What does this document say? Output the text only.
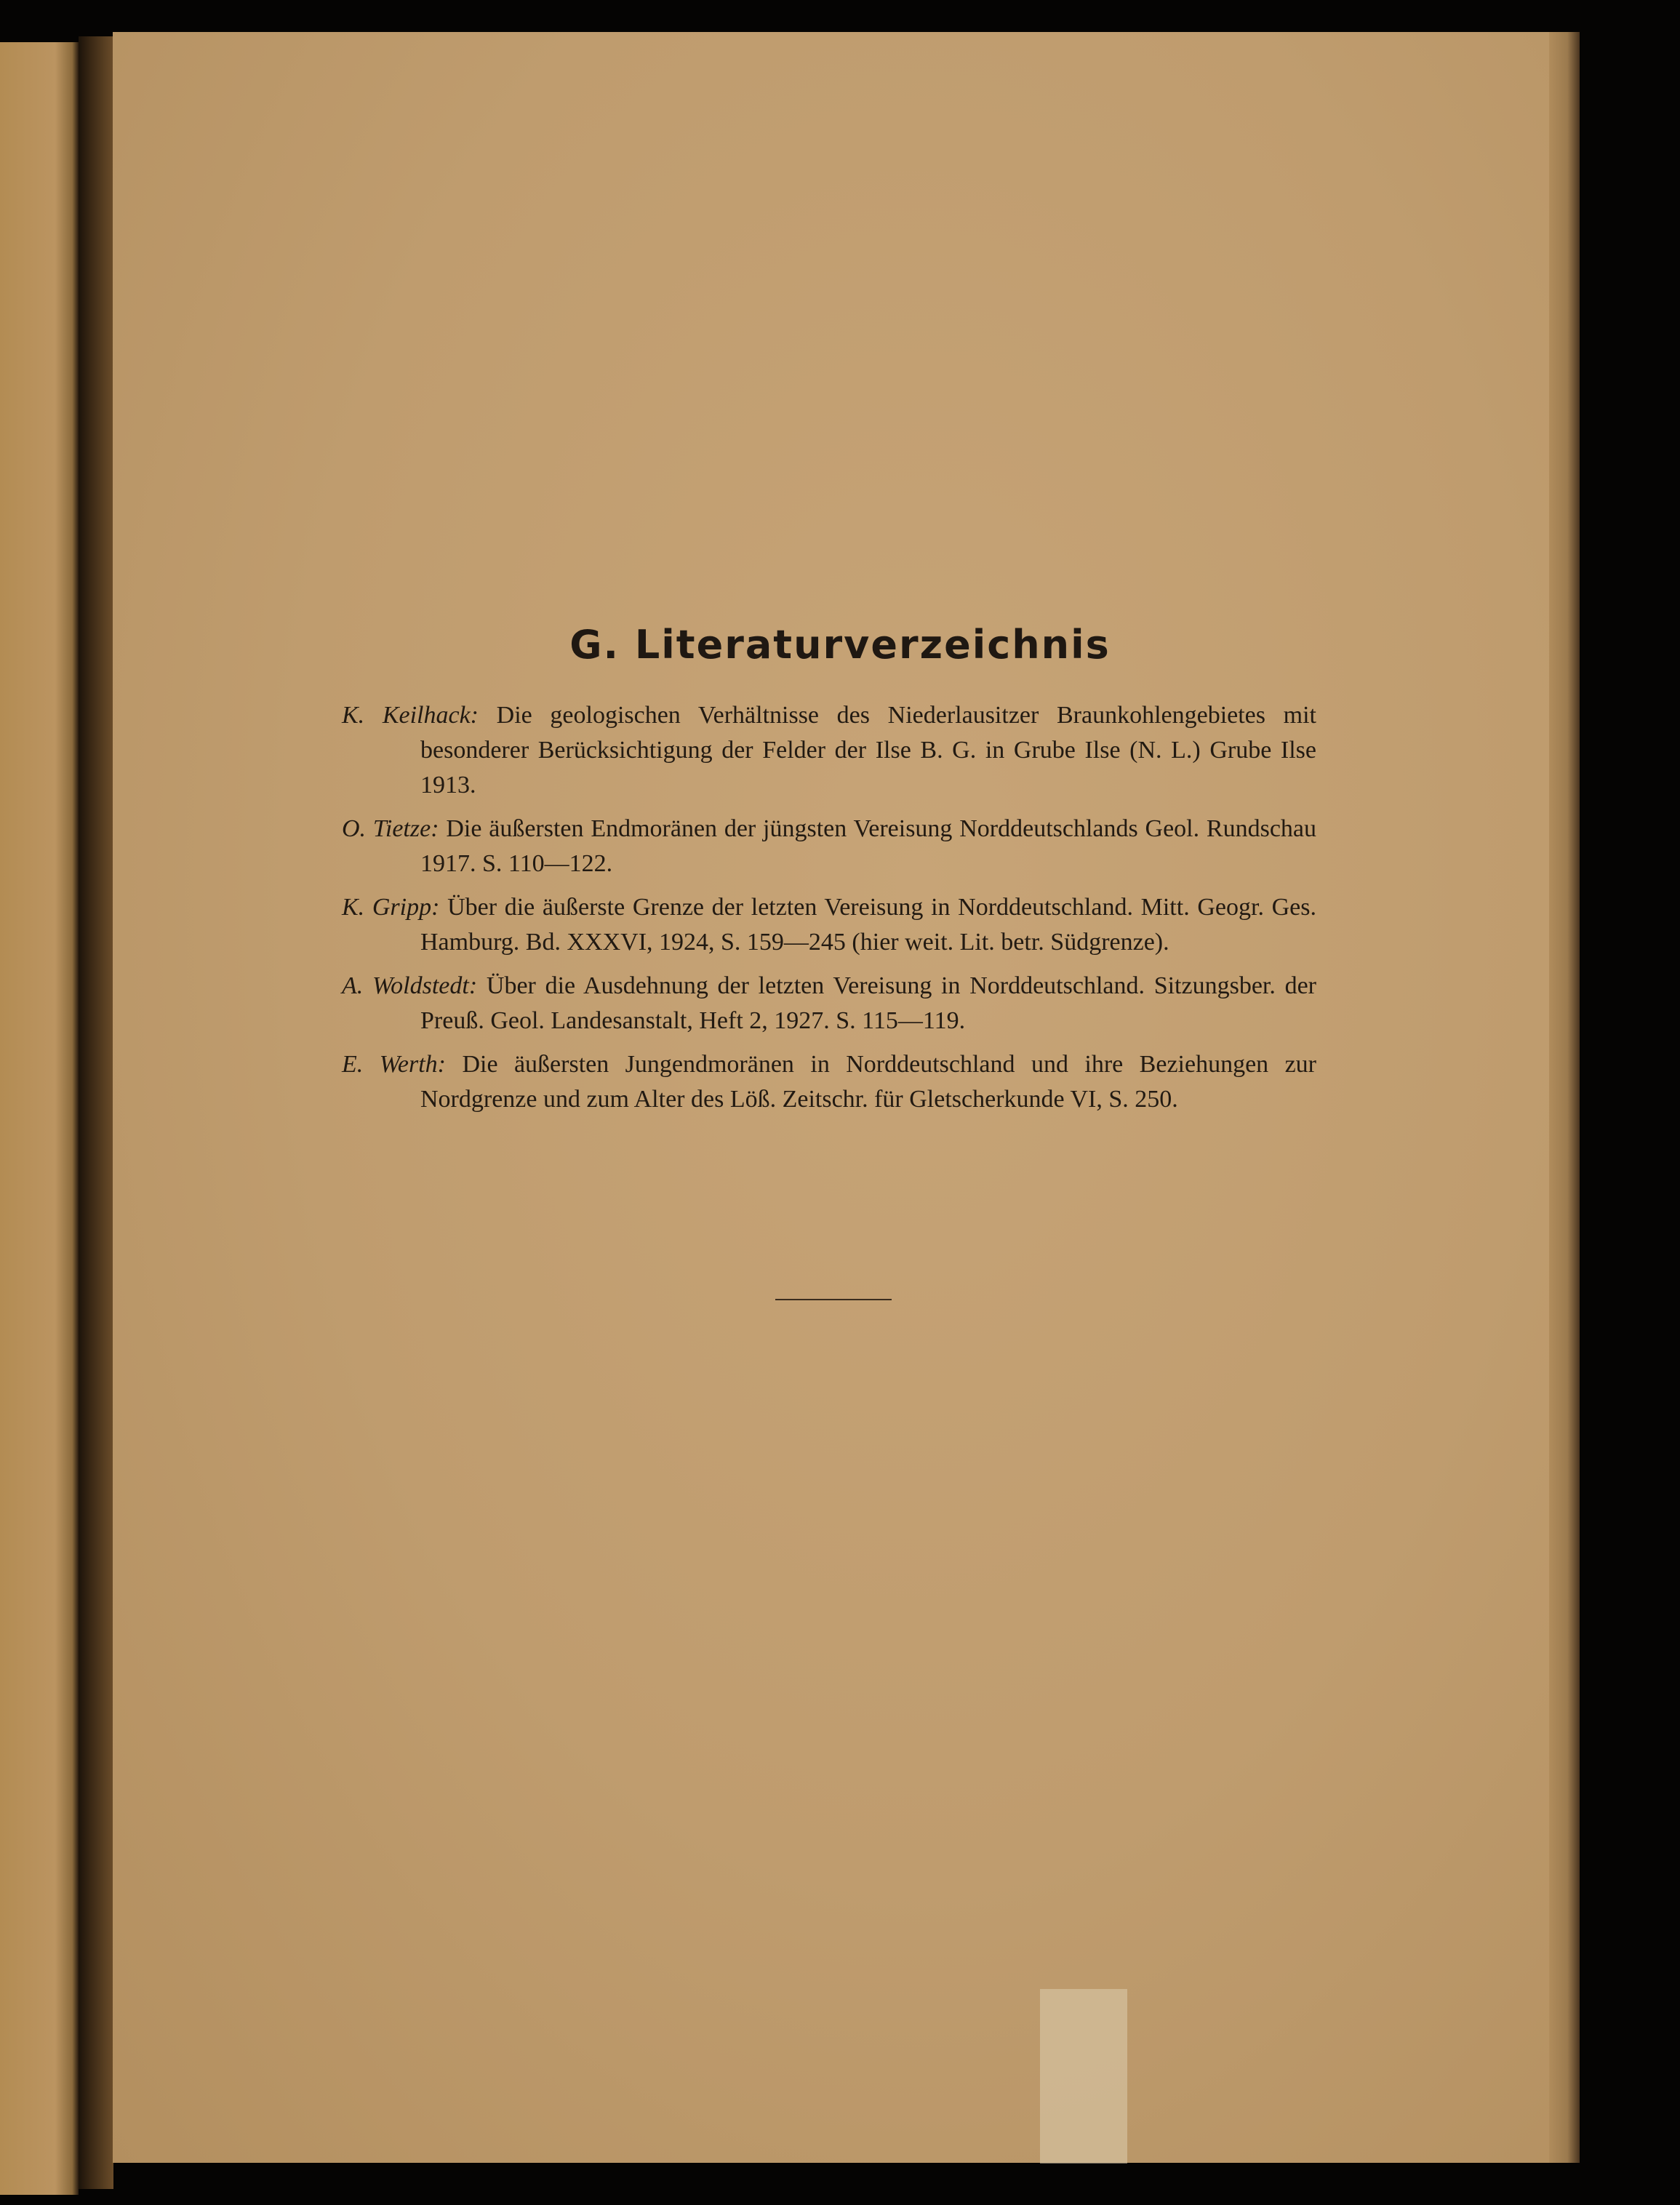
G. Literaturverzeichnis
K. Keilhack: Die geologischen Verhältnisse des Niederlausitzer Braunkohlengebietes mit besonderer Berücksichtigung der Felder der Ilse B. G. in Grube Ilse (N. L.) Grube Ilse 1913.
O. Tietze: Die äußersten Endmoränen der jüngsten Vereisung Norddeutschlands Geol. Rundschau 1917. S. 110—122.
K. Gripp: Über die äußerste Grenze der letzten Vereisung in Norddeutschland. Mitt. Geogr. Ges. Hamburg. Bd. XXXVI, 1924, S. 159—245 (hier weit. Lit. betr. Südgrenze).
A. Woldstedt: Über die Ausdehnung der letzten Vereisung in Norddeutschland. Sitzungsber. der Preuß. Geol. Landesanstalt, Heft 2, 1927. S. 115—119.
E. Werth: Die äußersten Jungendmoränen in Norddeutschland und ihre Beziehungen zur Nordgrenze und zum Alter des Löß. Zeitschr. für Gletscherkunde VI, S. 250.
